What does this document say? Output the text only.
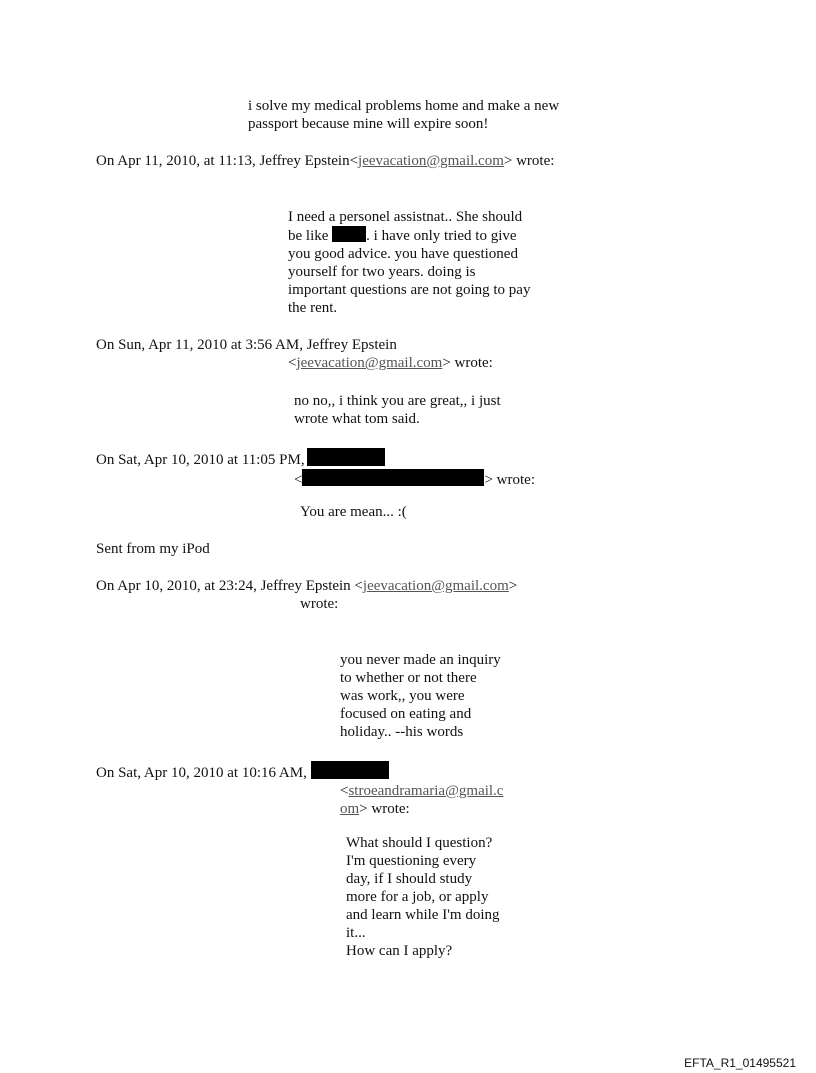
i solve my medical problems home and make a new
passport because mine will expire soon!
On Apr 11, 2010, at 11:13, Jeffrey Epstein<jeevacation@gmail.com> wrote:
I need a personel assistnat.. She should
be like	. i have only tried to give
you good advice. you have questioned
yourself for two years. doing is
important questions are not going to pay
the rent.
On Sun, Apr 11, 2010 at 3:56 AM, Jeffrey Epstein
<jeevacation@gmail.com> wrote:
no no,, i think you are great,, i just
wrote what tom said.
On Sat, Apr 10, 2010 at 11:05 PM,
<	> wrote:
You are mean... :(
Sent from my iPod
On Apr 10, 2010, at 23:24, Jeffrey Epstein <jeevacation@gmail.com>
wrote:
you never made an inquiry
to whether or not there
was work,, you were
focused on eating and
holiday.. --his words
On Sat, Apr 10, 2010 at 10:16 AM,
<stroeandramaria@gmail.c
om> wrote:
What should I question?
I'm questioning every
day, if I should study
more for a job, or apply
and learn while I'm doing
it...
How can I apply?
EFTA_R1_01495521
